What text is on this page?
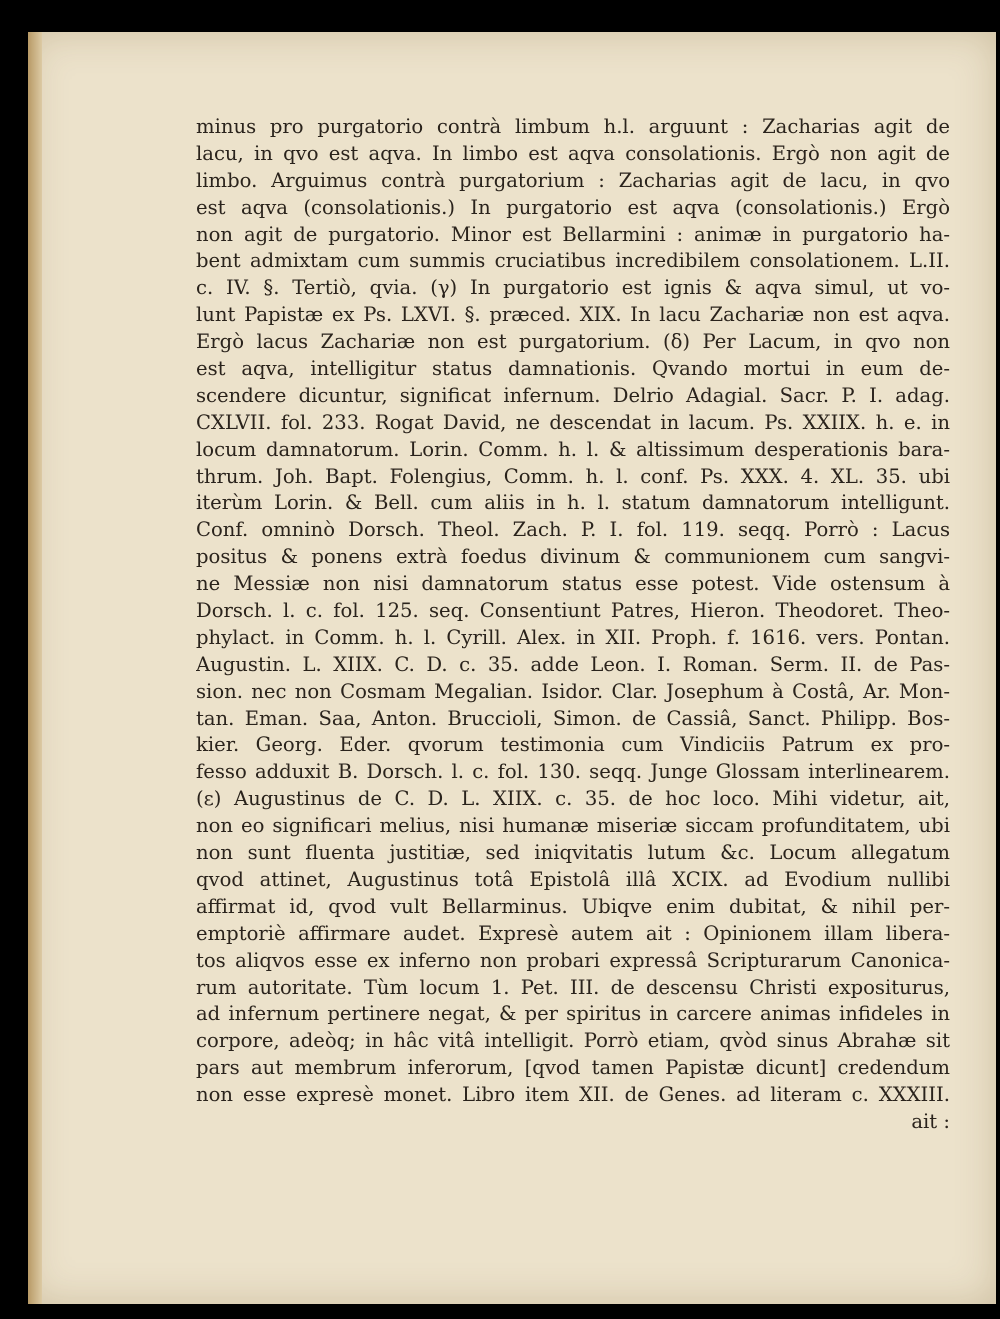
minus pro purgatorio contrà limbum h.l. arguunt : Zacharias agit de
lacu, in qvo est aqva. In limbo est aqva consolationis. Ergò non agit de
limbo. Arguimus contrà purgatorium : Zacharias agit de lacu, in qvo
est aqva (consolationis.) In purgatorio est aqva (consolationis.) Ergò
non agit de purgatorio. Minor est Bellarmini : animæ in purgatorio ha-
bent admixtam cum summis cruciatibus incredibilem consolationem. L.II.
c. IV. §. Tertiò, qvia. (γ) In purgatorio est ignis & aqva simul, ut vo-
lunt Papistæ ex Ps. LXVI. §. præced. XIX. In lacu Zachariæ non est aqva.
Ergò lacus Zachariæ non est purgatorium. (δ) Per Lacum, in qvo non
est aqva, intelligitur status damnationis. Qvando mortui in eum de-
scendere dicuntur, significat infernum. Delrio Adagial. Sacr. P. I. adag.
CXLVII. fol. 233. Rogat David, ne descendat in lacum. Ps. XXIIX. h. e. in
locum damnatorum. Lorin. Comm. h. l. & altissimum desperationis bara-
thrum. Joh. Bapt. Folengius, Comm. h. l. conf. Ps. XXX. 4. XL. 35. ubi
iterùm Lorin. & Bell. cum aliis in h. l. statum damnatorum intelligunt.
Conf. omninò Dorsch. Theol. Zach. P. I. fol. 119. seqq. Porrò : Lacus
positus & ponens extrà foedus divinum & communionem cum sangvi-
ne Messiæ non nisi damnatorum status esse potest. Vide ostensum à
Dorsch. l. c. fol. 125. seq. Consentiunt Patres, Hieron. Theodoret. Theo-
phylact. in Comm. h. l. Cyrill. Alex. in XII. Proph. f. 1616. vers. Pontan.
Augustin. L. XIIX. C. D. c. 35. adde Leon. I. Roman. Serm. II. de Pas-
sion. nec non Cosmam Megalian. Isidor. Clar. Josephum à Costâ, Ar. Mon-
tan. Eman. Saa, Anton. Bruccioli, Simon. de Cassiâ, Sanct. Philipp. Bos-
kier. Georg. Eder. qvorum testimonia cum Vindiciis Patrum ex pro-
fesso adduxit B. Dorsch. l. c. fol. 130. seqq. Junge Glossam interlinearem.
(ε) Augustinus de C. D. L. XIIX. c. 35. de hoc loco. Mihi videtur, ait,
non eo significari melius, nisi humanæ miseriæ siccam profunditatem, ubi
non sunt fluenta justitiæ, sed iniqvitatis lutum &c. Locum allegatum
qvod attinet, Augustinus totâ Epistolâ illâ XCIX. ad Evodium nullibi
affirmat id, qvod vult Bellarminus. Ubiqve enim dubitat, & nihil per-
emptoriè affirmare audet. Expresè autem ait : Opinionem illam libera-
tos aliqvos esse ex inferno non probari expressâ Scripturarum Canonica-
rum autoritate. Tùm locum 1. Pet. III. de descensu Christi expositurus,
ad infernum pertinere negat, & per spiritus in carcere animas infideles in
corpore, adeòq; in hâc vitâ intelligit. Porrò etiam, qvòd sinus Abrahæ sit
pars aut membrum inferorum, [qvod tamen Papistæ dicunt] credendum
non esse expresè monet. Libro item XII. de Genes. ad literam c. XXXIII.
ait :
